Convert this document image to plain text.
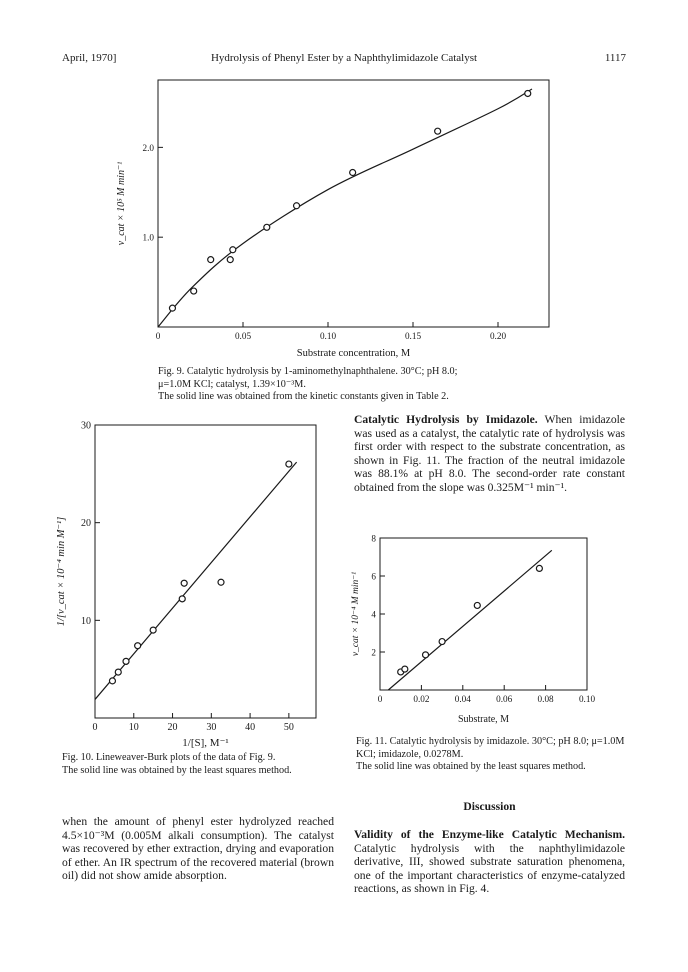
April, 1970]	Hydrolysis of Phenyl Ester by a Naphthylimidazole Catalyst	1117
0	0.05	0.10	0.15	0.20
1.0
2.0
Substrate concentration, M
v_cat × 10⁵ M min⁻¹
0	10	20	30	40	50
10
20
30
1/[S], M⁻¹
1/[v_cat × 10⁻⁴ min M⁻¹]
0	0.02	0.04	0.06	0.08	0.10
2
4
6
8
Substrate, M
v_cat × 10⁻⁴ M min⁻¹
Fig. 9. Catalytic hydrolysis by 1-aminomethylnaphthalene. 30°C; pH 8.0;
μ=1.0M KCl; catalyst, 1.39×10⁻³M.
The solid line was obtained from the kinetic constants given in Table 2.
Catalytic Hydrolysis by Imidazole. When imidazole was used as a catalyst, the catalytic rate of hydrolysis was first order with respect to the substrate concentration, as shown in Fig. 11. The fraction of the neutral imidazole was 88.1% at pH 8.0. The second-order rate constant obtained from the slope was 0.325M⁻¹ min⁻¹.
Fig. 10. Lineweaver-Burk plots of the data of Fig. 9.
The solid line was obtained by the least squares method.
Fig. 11. Catalytic hydrolysis by imidazole. 30°C; pH 8.0; μ=1.0M KCl; imidazole, 0.0278M.
The solid line was obtained by the least squares method.
when the amount of phenyl ester hydrolyzed reached 4.5×10⁻³M (0.005M alkali consumption). The catalyst was recovered by ether extraction, drying and evaporation of ether. An IR spectrum of the recovered material (brown oil) did not show amide absorption.
Discussion
Validity of the Enzyme-like Catalytic Mechanism. Catalytic hydrolysis with the naphthylimidazole derivative, III, showed substrate saturation phenomena, one of the important characteristics of enzyme-catalyzed reactions, as shown in Fig. 4.
